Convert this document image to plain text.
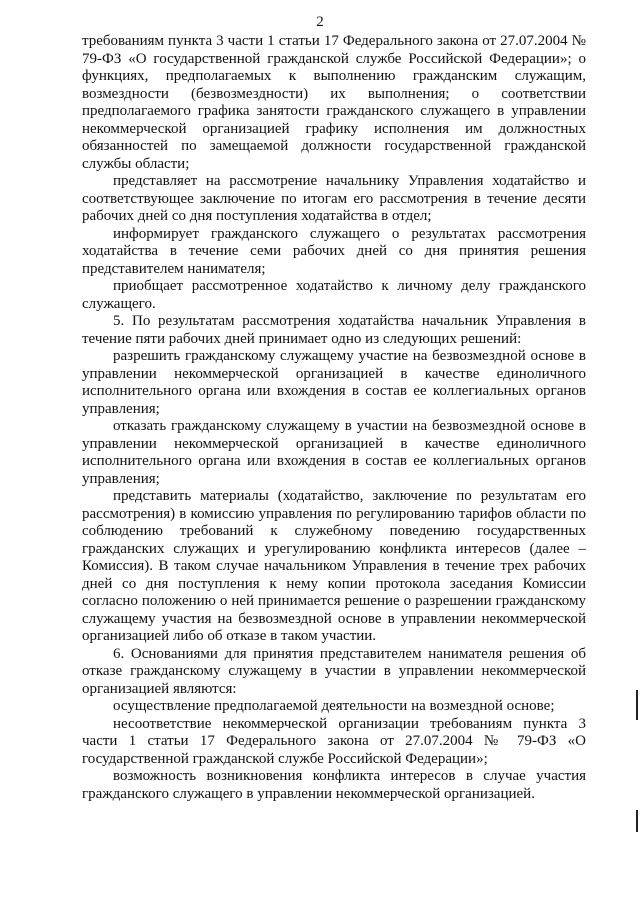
2

требованиям пункта 3 части 1 статьи 17 Федерального закона от 27.07.2004 № 79-ФЗ «О государственной гражданской службе Российской Федерации»; о функциях, предполагаемых к выполнению гражданским служащим, возмездности (безвозмездности) их выполнения; о соответствии предполагаемого графика занятости гражданского служащего в управлении некоммерческой организацией графику исполнения им должностных обязанностей по замещаемой должности государственной гражданской службы области;

представляет на рассмотрение начальнику Управления ходатайство и соответствующее заключение по итогам его рассмотрения в течение десяти рабочих дней со дня поступления ходатайства в отдел;

информирует гражданского служащего о результатах рассмотрения ходатайства в течение семи рабочих дней со дня принятия решения представителем нанимателя;

приобщает рассмотренное ходатайство к личному делу гражданского служащего.

5. По результатам рассмотрения ходатайства начальник Управления в течение пяти рабочих дней принимает одно из следующих решений:

разрешить гражданскому служащему участие на безвозмездной основе в управлении некоммерческой организацией в качестве единоличного исполнительного органа или вхождения в состав ее коллегиальных органов управления;

отказать гражданскому служащему в участии на безвозмездной основе в управлении некоммерческой организацией в качестве единоличного исполнительного органа или вхождения в состав ее коллегиальных органов управления;

представить материалы (ходатайство, заключение по результатам его рассмотрения) в комиссию управления по регулированию тарифов области по соблюдению требований к служебному поведению государственных гражданских служащих и урегулированию конфликта интересов (далее – Комиссия). В таком случае начальником Управления в течение трех рабочих дней со дня поступления к нему копии протокола заседания Комиссии согласно положению о ней принимается решение о разрешении гражданскому служащему участия на безвозмездной основе в управлении некоммерческой организацией либо об отказе в таком участии.

6. Основаниями для принятия представителем нанимателя решения об отказе гражданскому служащему в участии в управлении некоммерческой организацией являются:

осуществление предполагаемой деятельности на возмездной основе;

несоответствие некоммерческой организации требованиям пункта 3 части 1 статьи 17 Федерального закона от 27.07.2004 № 79-ФЗ «О государственной гражданской службе Российской Федерации»;

возможность возникновения конфликта интересов в случае участия гражданского служащего в управлении некоммерческой организацией.
